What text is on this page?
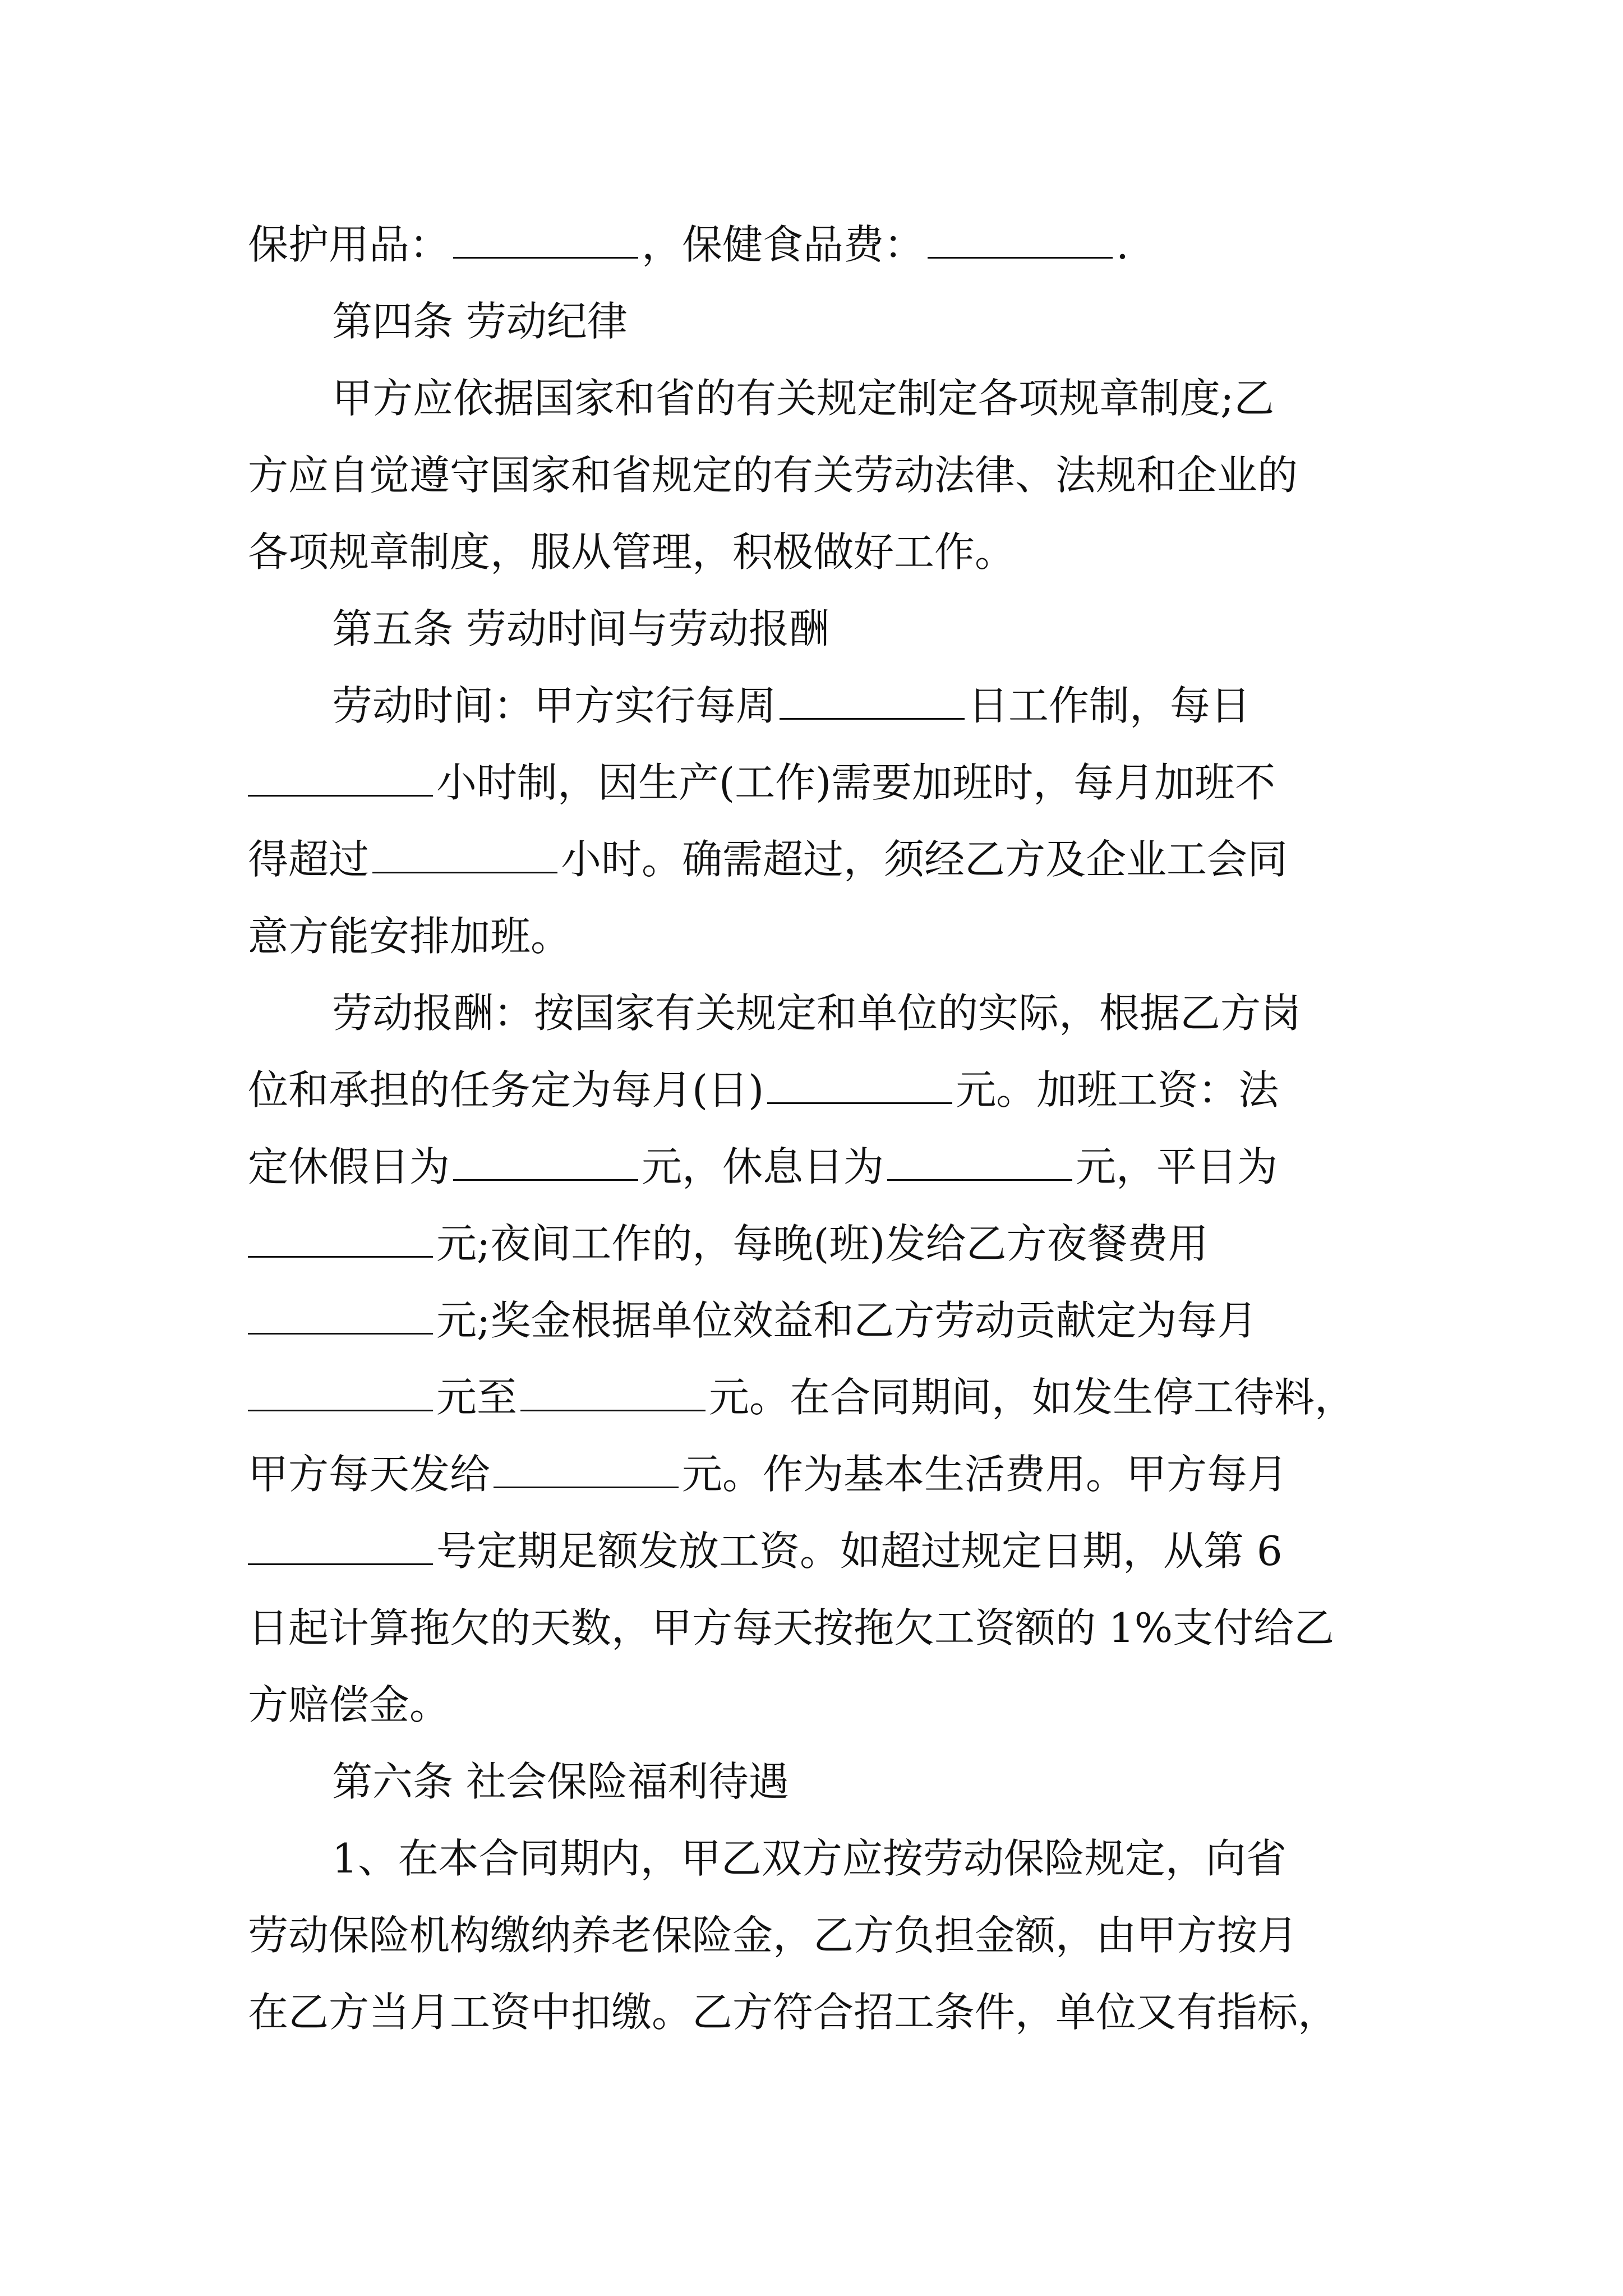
保护用品：	，保健食品费：	.
第四条 劳动纪律
甲方应依据国家和省的有关规定制定各项规章制度;乙
方应自觉遵守国家和省规定的有关劳动法律、法规和企业的
各项规章制度，服从管理，积极做好工作。
第五条 劳动时间与劳动报酬
劳动时间：甲方实行每周	日工作制，每日
小时制，因生产(工作)需要加班时，每月加班不
得超过	小时。确需超过，须经乙方及企业工会同
意方能安排加班。
劳动报酬：按国家有关规定和单位的实际，根据乙方岗
位和承担的任务定为每月(日)	元。加班工资：法
定休假日为	元，休息日为	元，平日为
元;夜间工作的，每晚(班)发给乙方夜餐费用
元;奖金根据单位效益和乙方劳动贡献定为每月
元至	元。在合同期间，如发生停工待料，
甲方每天发给	元。作为基本生活费用。甲方每月
号定期足额发放工资。如超过规定日期，从第 6
日起计算拖欠的天数，甲方每天按拖欠工资额的 1%支付给乙
方赔偿金。
第六条 社会保险福利待遇
1、在本合同期内，甲乙双方应按劳动保险规定，向省
劳动保险机构缴纳养老保险金，乙方负担金额，由甲方按月
在乙方当月工资中扣缴。乙方符合招工条件，单位又有指标，
